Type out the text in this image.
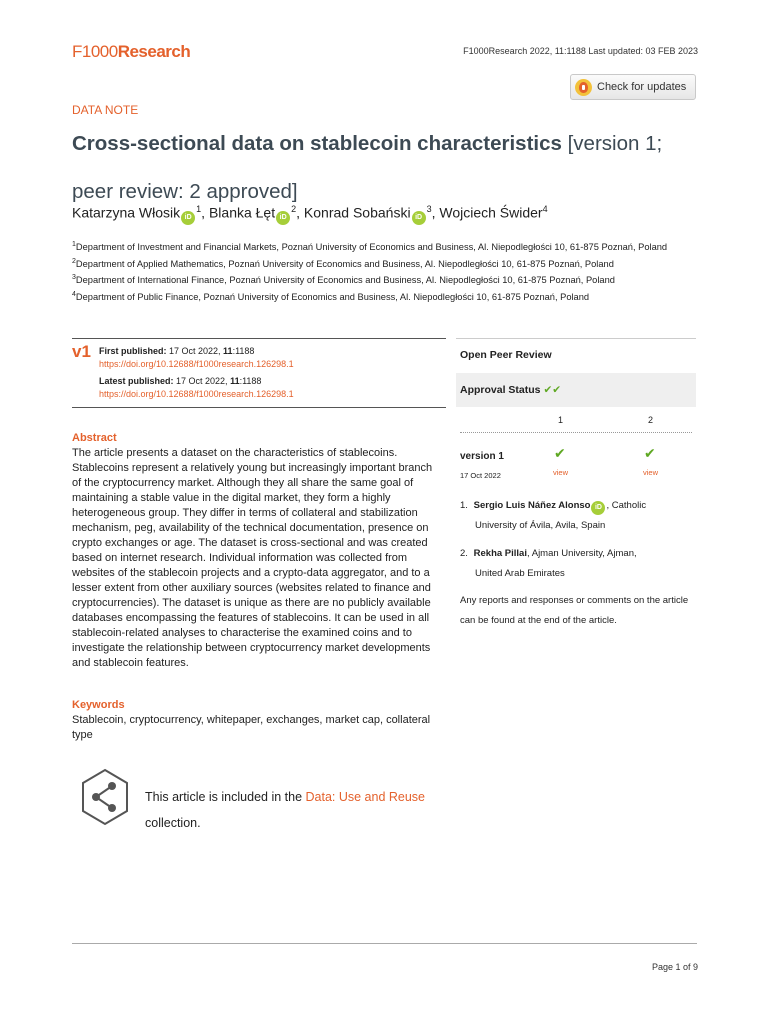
F1000Research	F1000Research 2022, 11:1188 Last updated: 03 FEB 2023
Check for updates
DATA NOTE
Cross-sectional data on stablecoin characteristics [version 1; peer review: 2 approved]
Katarzyna Włosik $iD^1$, Blanka Łęt $iD^2$, Konrad Sobański $iD^3$, Wojciech Świder$^4$
$^1$Department of Investment and Financial Markets, Poznań University of Economics and Business, Al. Niepodległości 10, 61-875 Poznań, Poland
$^2$Department of Applied Mathematics, Poznań University of Economics and Business, Al. Niepodległości 10, 61-875 Poznań, Poland
$^3$Department of International Finance, Poznań University of Economics and Business, Al. Niepodległości 10, 61-875 Poznań, Poland
$^4$Department of Public Finance, Poznań University of Economics and Business, Al. Niepodległości 10, 61-875 Poznań, Poland
v1 First published: 17 Oct 2022, 11:1188
https://doi.org/10.12688/f1000research.126298.1
Latest published: 17 Oct 2022, 11:1188
https://doi.org/10.12688/f1000research.126298.1
Abstract
The article presents a dataset on the characteristics of stablecoins. Stablecoins represent a relatively young but increasingly important branch of the cryptocurrency market. Although they all share the same goal of maintaining a stable value in the digital market, they form a highly heterogeneous group. They differ in terms of collateral and stabilization mechanism, peg, availability of the technical documentation, presence on crypto exchanges or age. The dataset is cross-sectional and was created based on internet research. Individual information was collected from websites of the stablecoin projects and a crypto-data aggregator, and to a lesser extent from other auxiliary sources (websites related to finance and cryptocurrencies). The dataset is unique as there are no publicly available databases encompassing the features of stablecoins. It can be used in all stablecoin-related analyses to characterise the examined coins and to investigate the relationship between cryptocurrency market developments and stablecoin features.
Keywords
Stablecoin, cryptocurrency, whitepaper, exchanges, market cap, collateral type
This article is included in the Data: Use and Reuse collection.
Open Peer Review
Approval Status ✔✔
1	2
version 1
17 Oct 2022
✔	✔
view	view
1. Sergio Luis Náñez Alonso iD , Catholic
University of Ávila, Avila, Spain
2. Rekha Pillai, Ajman University, Ajman,
United Arab Emirates
Any reports and responses or comments on the article can be found at the end of the article.
Page 1 of 9
